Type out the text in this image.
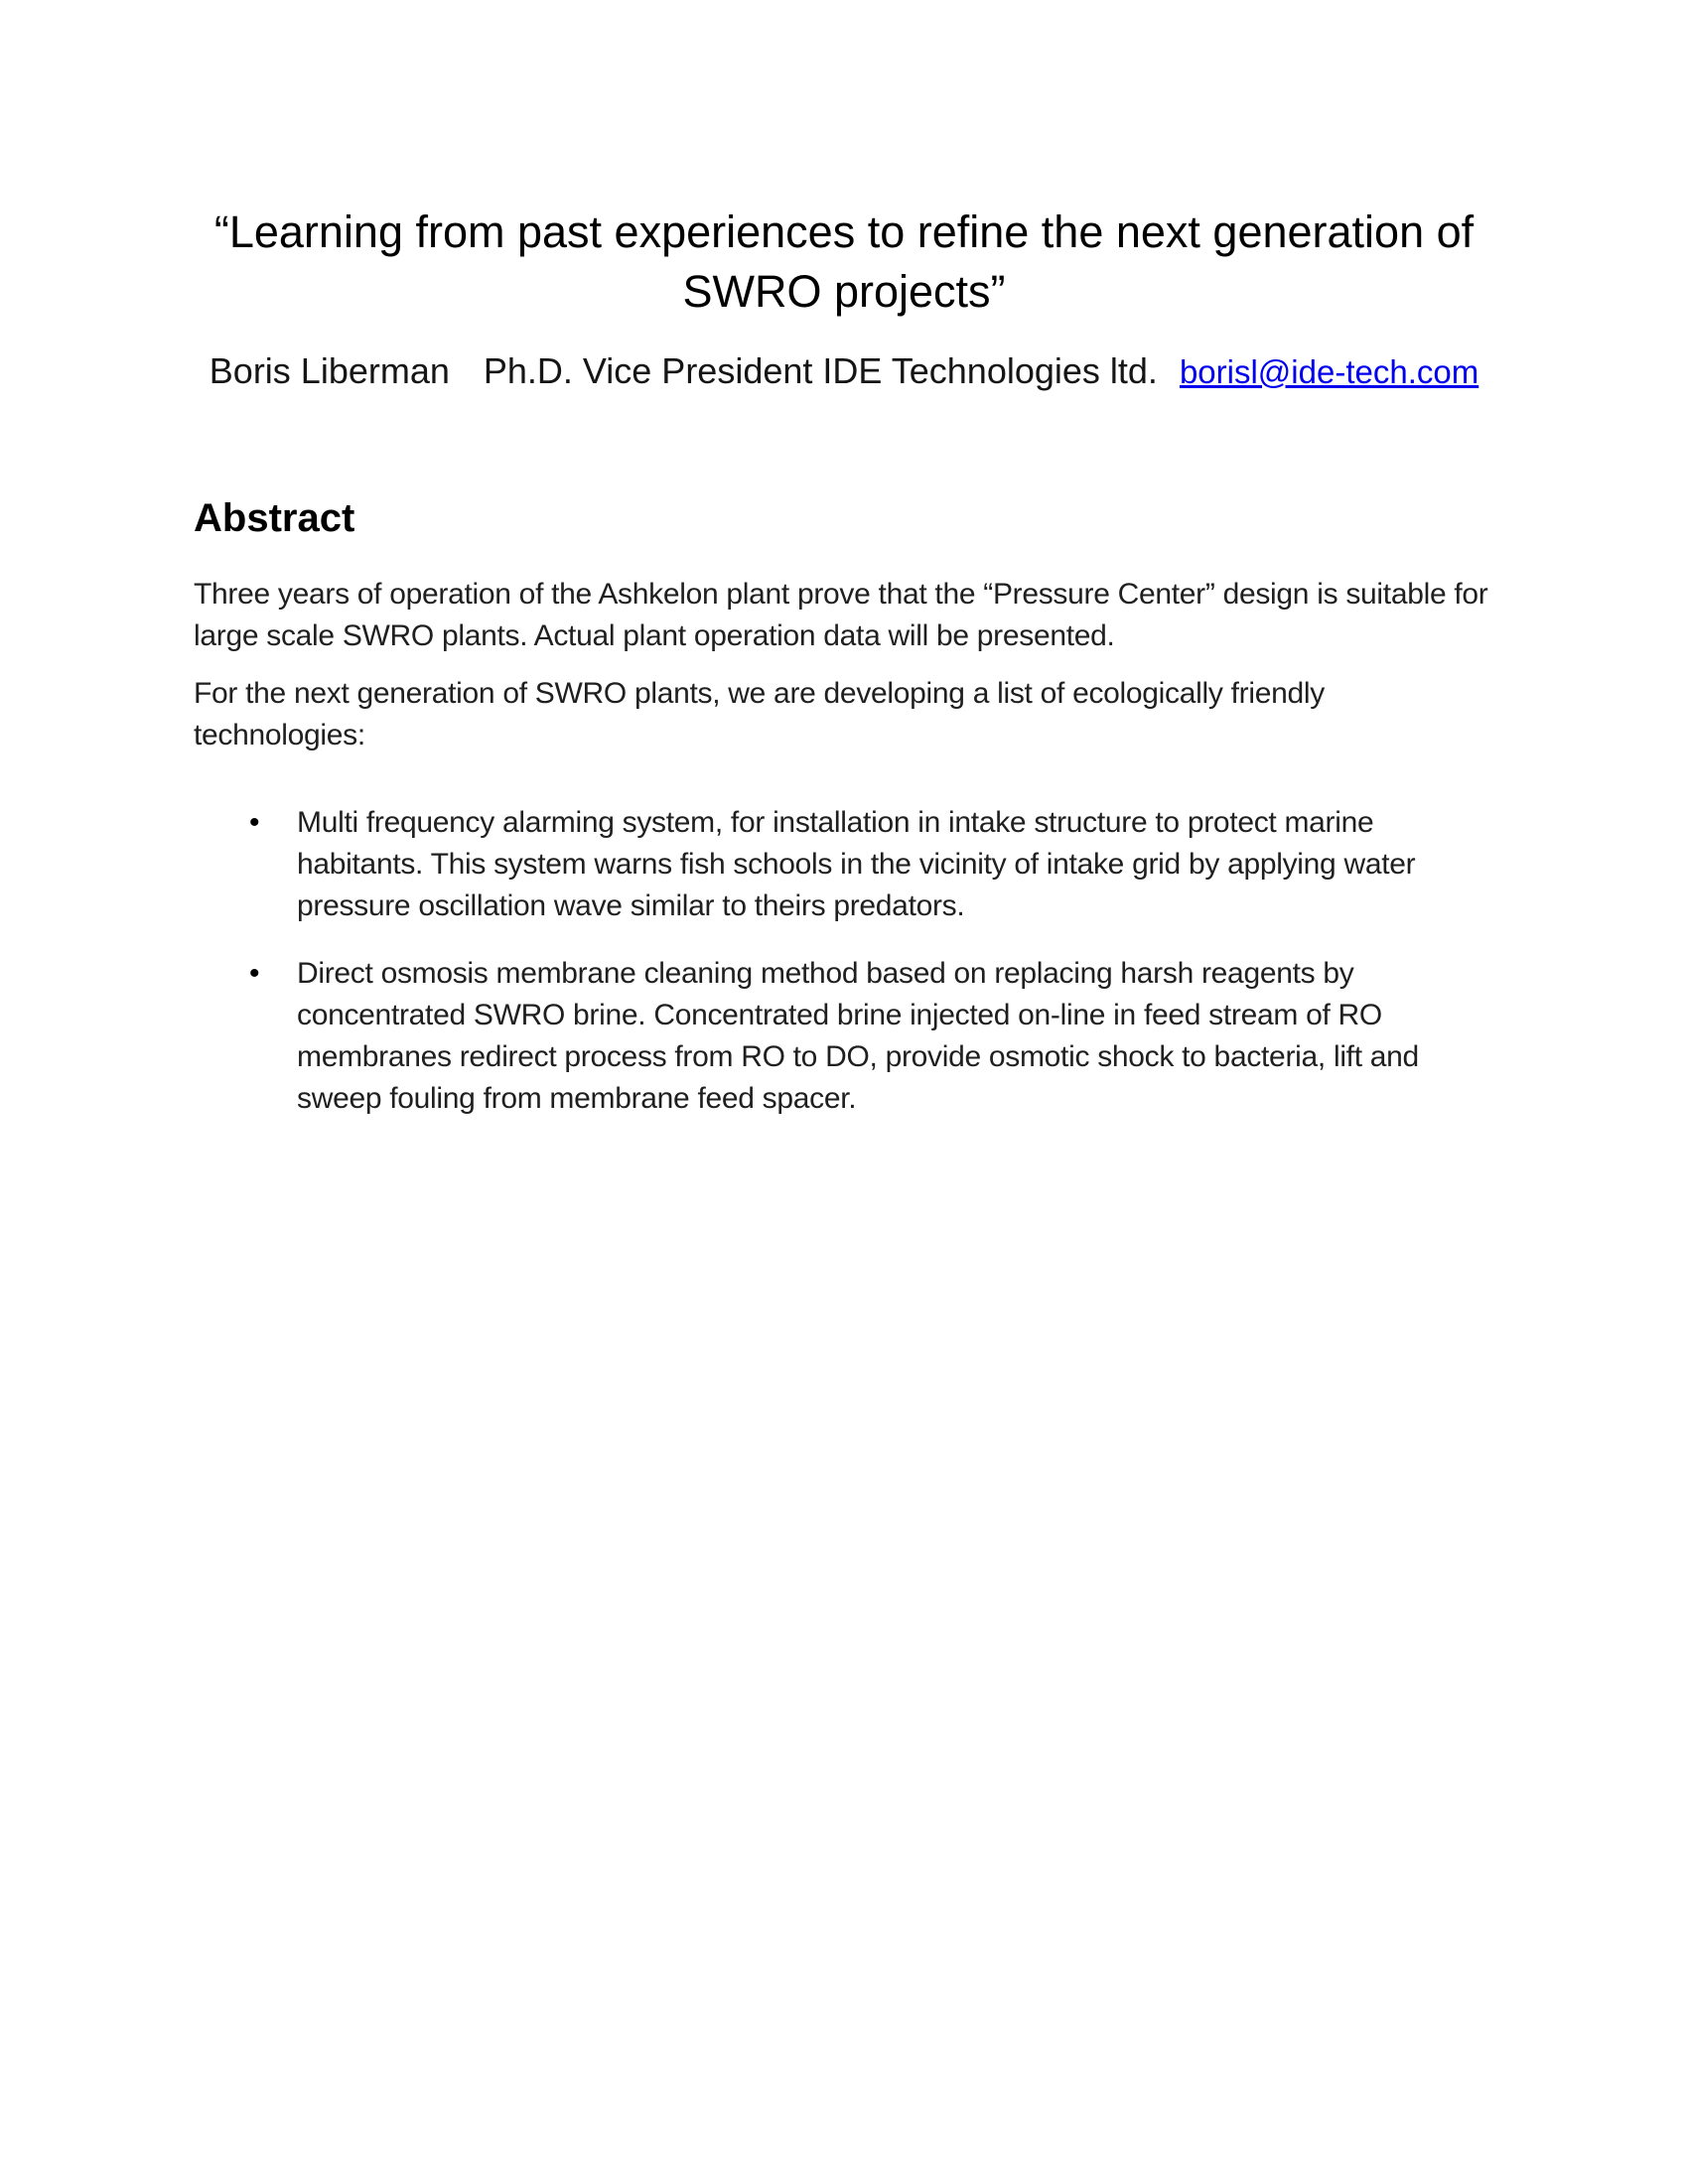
“Learning from past experiences to refine the next generation of SWRO projects”

Boris Liberman Ph.D. Vice President IDE Technologies ltd. borisl@ide-tech.com

Abstract

Three years of operation of the Ashkelon plant prove that the “Pressure Center” design is suitable for large scale SWRO plants. Actual plant operation data will be presented.

For the next generation of SWRO plants, we are developing a list of ecologically friendly technologies:

• Multi frequency alarming system, for installation in intake structure to protect marine habitants. This system warns fish schools in the vicinity of intake grid by applying water pressure oscillation wave similar to theirs predators.
• Direct osmosis membrane cleaning method based on replacing harsh reagents by concentrated SWRO brine. Concentrated brine injected on-line in feed stream of RO membranes redirect process from RO to DO, provide osmotic shock to bacteria, lift and sweep fouling from membrane feed spacer.
